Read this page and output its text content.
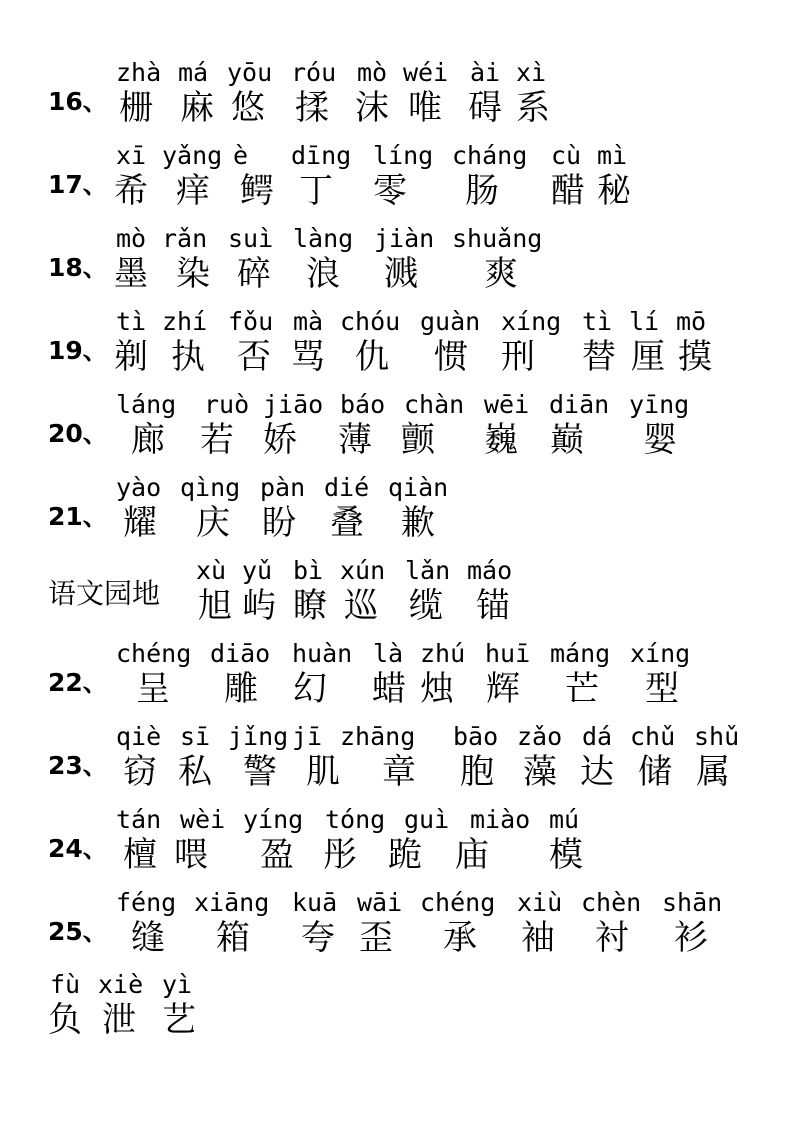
16、
zhà má yōu róu mò wéi ài xì
栅 麻 悠 揉 沫 唯 碍 系
17、
xī yǎng è dīng líng cháng cù mì
希 痒 鳄 丁 零 肠 醋 秘
18、
mò rǎn suì làng jiàn shuǎng
墨 染 碎 浪 溅 爽
19、
tì zhí fǒu mà chóu guàn xíng tì lí mō
剃 执 否 骂 仇 惯 刑 替 厘 摸
20、
láng ruò jiāo báo chàn wēi diān yīng
廊 若 娇 薄 颤 巍 巅 婴
21、
yào qìng pàn dié qiàn
耀 庆 盼 叠 歉
语文园地
xù yǔ bì xún lǎn máo
旭 屿 瞭 巡 缆 锚
22、
chéng diāo huàn là zhú huī máng xíng
呈 雕 幻 蜡 烛 辉 芒 型
23、
qiè sī jǐng jī zhāng bāo zǎo dá chǔ shǔ
窃 私 警 肌 章 胞 藻 达 储 属
24、
tán wèi yíng tóng guì miào mú
檀 喂 盈 彤 跪 庙 模
25、
féng xiāng kuā wāi chéng xiù chèn shān
缝 箱 夸 歪 承 袖 衬 衫
fù xiè yì
负 泄 艺
